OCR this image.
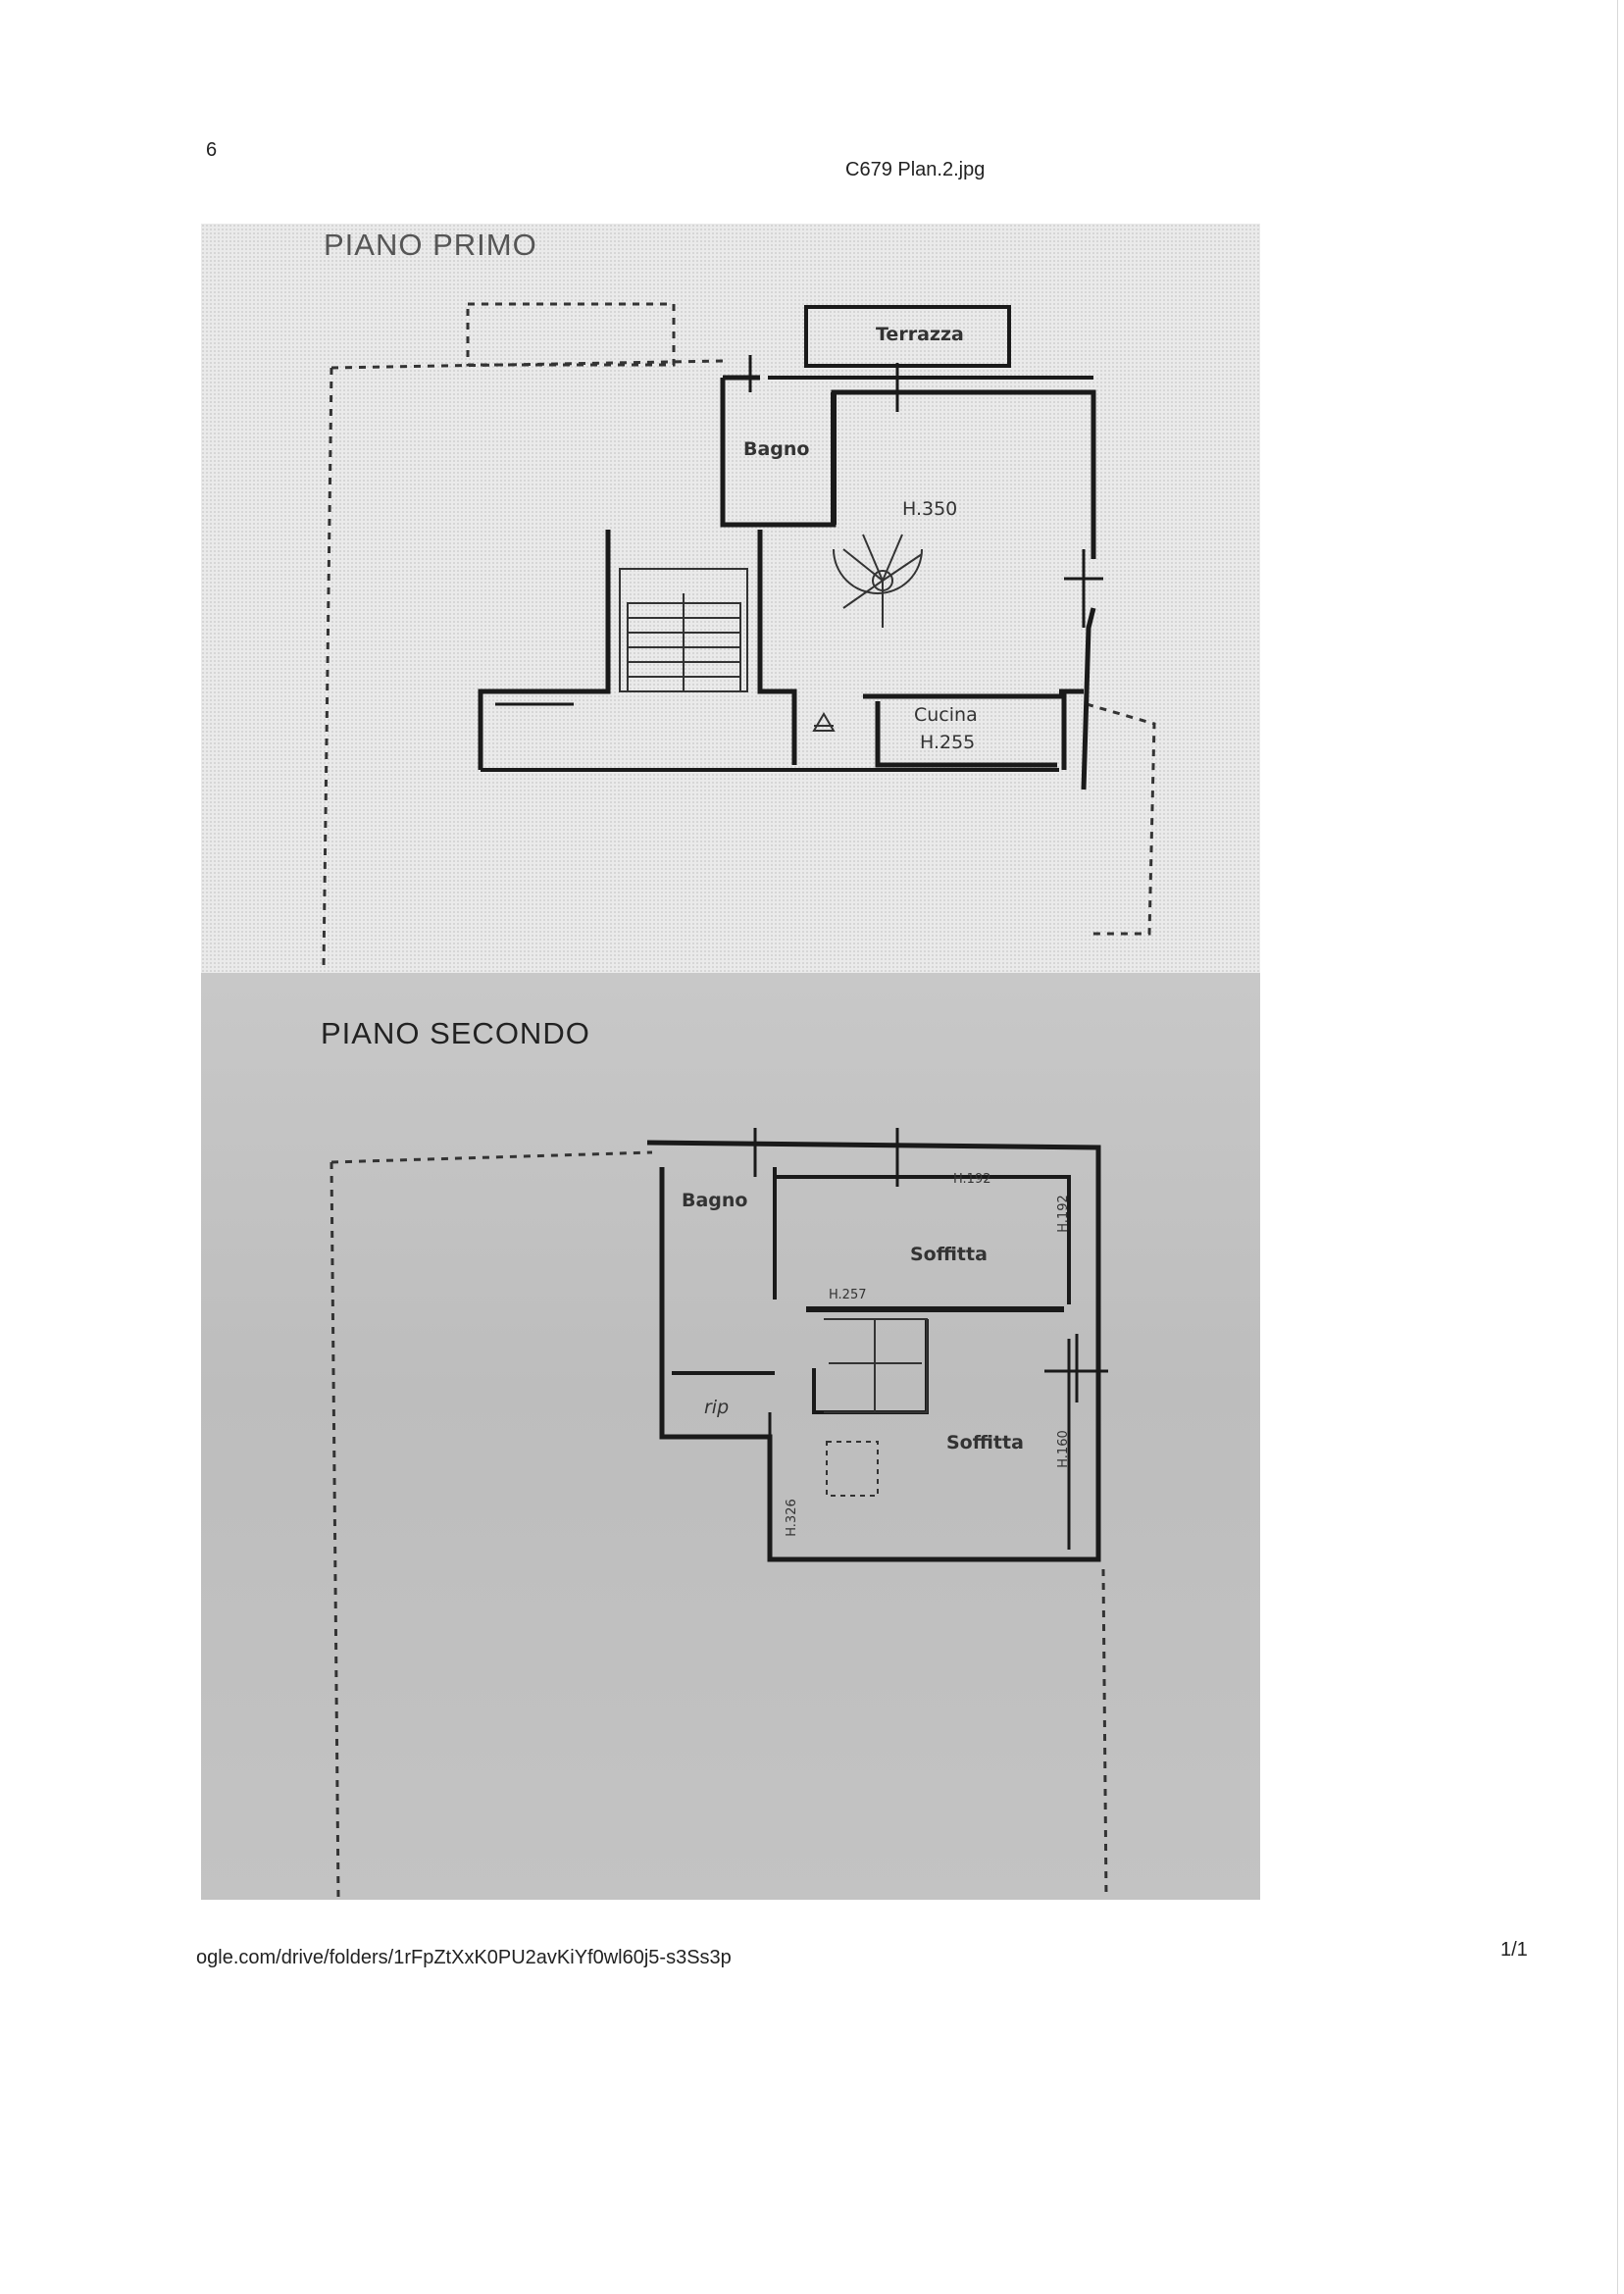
6
C679 Plan.2.jpg
PIANO PRIMO
PIANO SECONDO
Terrazza
Bagno
H.350
Cucina
H.255
Bagno
Soffitta
H.192
H.192
H.257
rip
Soffitta	H.160
H.326
ogle.com/drive/folders/1rFpZtXxK0PU2avKiYf0wl60j5-s3Ss3p	1/1
